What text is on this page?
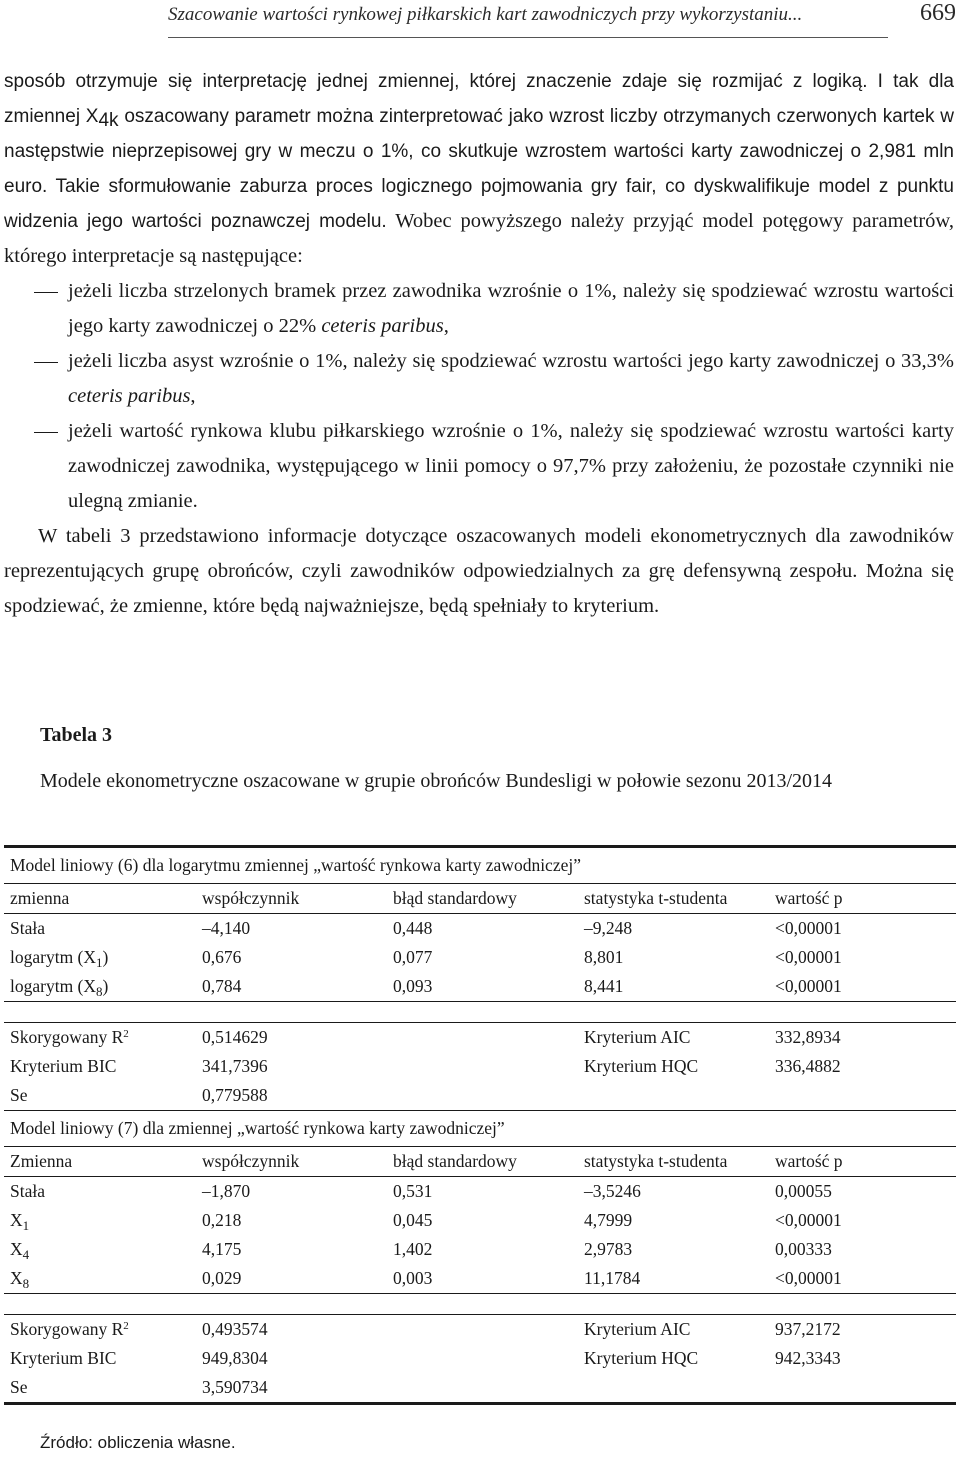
Szacowanie wartości rynkowej piłkarskich kart zawodniczych przy wykorzystaniu...	669

sposób otrzymuje się interpretację jednej zmiennej, której znaczenie zdaje się rozmijać z logiką. I tak dla zmiennej $X_{4k}$ oszacowany parametr można zinterpretować jako wzrost liczby otrzymanych czerwonych kartek w następstwie nieprzepisowej gry w meczu o 1%, co skutkuje wzrostem wartości karty zawodniczej o 2,981 mln euro. Takie sformułowanie zaburza proces logicznego pojmowania gry fair, co dyskwalifikuje model z punktu widzenia jego wartości poznawczej modelu. Wobec powyższego należy przyjąć model potęgowy parametrów, którego interpretacje są następujące:

jeżeli liczba strzelonych bramek przez zawodnika wzrośnie o 1%, należy się spodziewać wzrostu wartości jego karty zawodniczej o 22% ceteris paribus,
jeżeli liczba asyst wzrośnie o 1%, należy się spodziewać wzrostu wartości jego karty zawodniczej o 33,3% ceteris paribus,
jeżeli wartość rynkowa klubu piłkarskiego wzrośnie o 1%, należy się spodziewać wzrostu wartości karty zawodniczej zawodnika, występującego w linii pomocy o 97,7% przy założeniu, że pozostałe czynniki nie ulegną zmianie.

W tabeli 3 przedstawiono informacje dotyczące oszacowanych modeli ekonometrycznych dla zawodników reprezentujących grupę obrońców, czyli zawodników odpowiedzialnych za grę defensywną zespołu. Można się spodziewać, że zmienne, które będą najważniejsze, będą spełniały to kryterium.

Tabela 3
Modele ekonometryczne oszacowane w grupie obrońców Bundesligi w połowie sezonu 2013/2014
Model liniowy (6) dla logarytmu zmiennej „wartość rynkowa karty zawodniczej”
zmienna	współczynnik	błąd standardowy	statystyka t-studenta	wartość p
Stała	–4,140	0,448	–9,248	<0,00001
logarytm $(X_1)$	0,676	0,077	8,801	<0,00001
logarytm $(X_8)$	0,784	0,093	8,441	<0,00001
Skorygowany $R^2$	0,514629	Kryterium AIC	332,8934
Kryterium BIC	341,7396	Kryterium HQC	336,4882
Se	0,779588
Model liniowy (7) dla zmiennej „wartość rynkowa karty zawodniczej”
Zmienna	współczynnik	błąd standardowy	statystyka t-studenta	wartość p
Stała	–1,870	0,531	–3,5246	0,00055
$X_1$	0,218	0,045	4,7999	<0,00001
$X_4$	4,175	1,402	2,9783	0,00333
$X_8$	0,029	0,003	11,1784	<0,00001
Skorygowany $R^2$	0,493574	Kryterium AIC	937,2172
Kryterium BIC	949,8304	Kryterium HQC	942,3343
Se	3,590734
Źródło: obliczenia własne.
